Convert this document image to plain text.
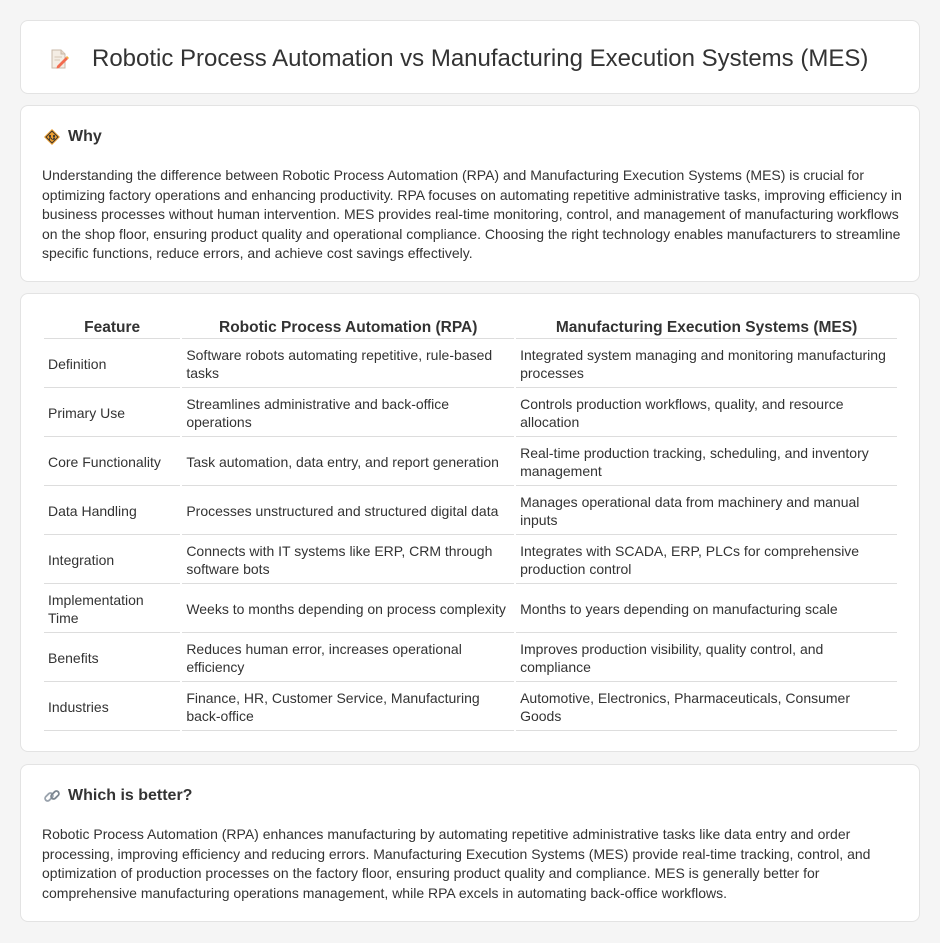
Robotic Process Automation vs Manufacturing Execution Systems (MES)
Why

Understanding the difference between Robotic Process Automation (RPA) and Manufacturing Execution Systems (MES) is crucial for optimizing factory operations and enhancing productivity. RPA focuses on automating repetitive administrative tasks, improving efficiency in business processes without human intervention. MES provides real-time monitoring, control, and management of manufacturing workflows on the shop floor, ensuring product quality and operational compliance. Choosing the right technology enables manufacturers to streamline specific functions, reduce errors, and achieve cost savings effectively.

Feature	Robotic Process Automation (RPA)	Manufacturing Execution Systems (MES)
Definition	Software robots automating repetitive, rule-based tasks	Integrated system managing and monitoring manufacturing processes
Primary Use	Streamlines administrative and back-office operations	Controls production workflows, quality, and resource allocation
Core Functionality	Task automation, data entry, and report generation	Real-time production tracking, scheduling, and inventory management
Data Handling	Processes unstructured and structured digital data	Manages operational data from machinery and manual inputs
Integration	Connects with IT systems like ERP, CRM through software bots	Integrates with SCADA, ERP, PLCs for comprehensive production control
Implementation Time	Weeks to months depending on process complexity	Months to years depending on manufacturing scale
Benefits	Reduces human error, increases operational efficiency	Improves production visibility, quality control, and compliance
Industries	Finance, HR, Customer Service, Manufacturing back-office	Automotive, Electronics, Pharmaceuticals, Consumer Goods
Which is better?

Robotic Process Automation (RPA) enhances manufacturing by automating repetitive administrative tasks like data entry and order processing, improving efficiency and reducing errors. Manufacturing Execution Systems (MES) provide real-time tracking, control, and optimization of production processes on the factory floor, ensuring product quality and compliance. MES is generally better for comprehensive manufacturing operations management, while RPA excels in automating back-office workflows.
